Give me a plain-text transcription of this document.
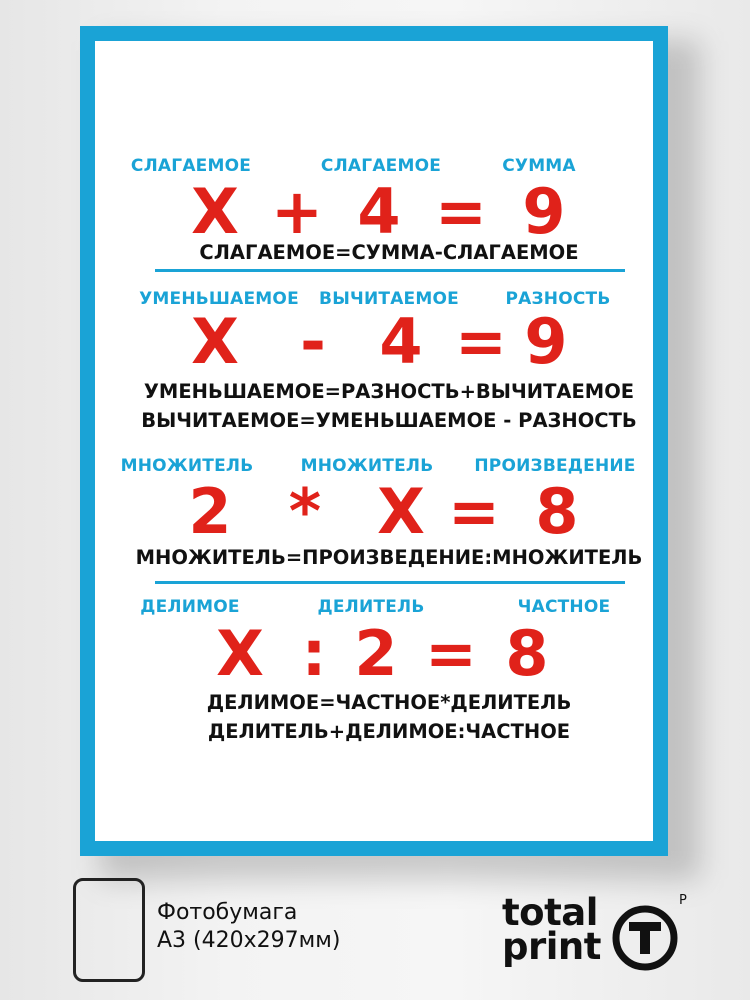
СЛАГАЕМОЕ	СЛАГАЕМОЕ	СУММА
X + 4 = 9
СЛАГАЕМОЕ=СУММА-СЛАГАЕМОЕ
УМЕНЬШАЕМОЕ ВЫЧИТАЕМОЕ	РАЗНОСТЬ
X - 4 = 9
УМЕНЬШАЕМОЕ=РАЗНОСТЬ+ВЫЧИТАЕМОЕ
ВЫЧИТАЕМОЕ=УМЕНЬШАЕМОЕ - РАЗНОСТЬ
МНОЖИТЕЛЬ	МНОЖИТЕЛЬ ПРОИЗВЕДЕНИЕ
2 * X = 8
МНОЖИТЕЛЬ=ПРОИЗВЕДЕНИЕ:МНОЖИТЕЛЬ
ДЕЛИМОЕ	ДЕЛИТЕЛЬ	ЧАСТНОЕ
X : 2 = 8
ДЕЛИМОЕ=ЧАСТНОЕ*ДЕЛИТЕЛЬ
ДЕЛИТЕЛЬ+ДЕЛИМОЕ:ЧАСТНОЕ
Фотобумага
А3 (420х297мм)
total
print
P
